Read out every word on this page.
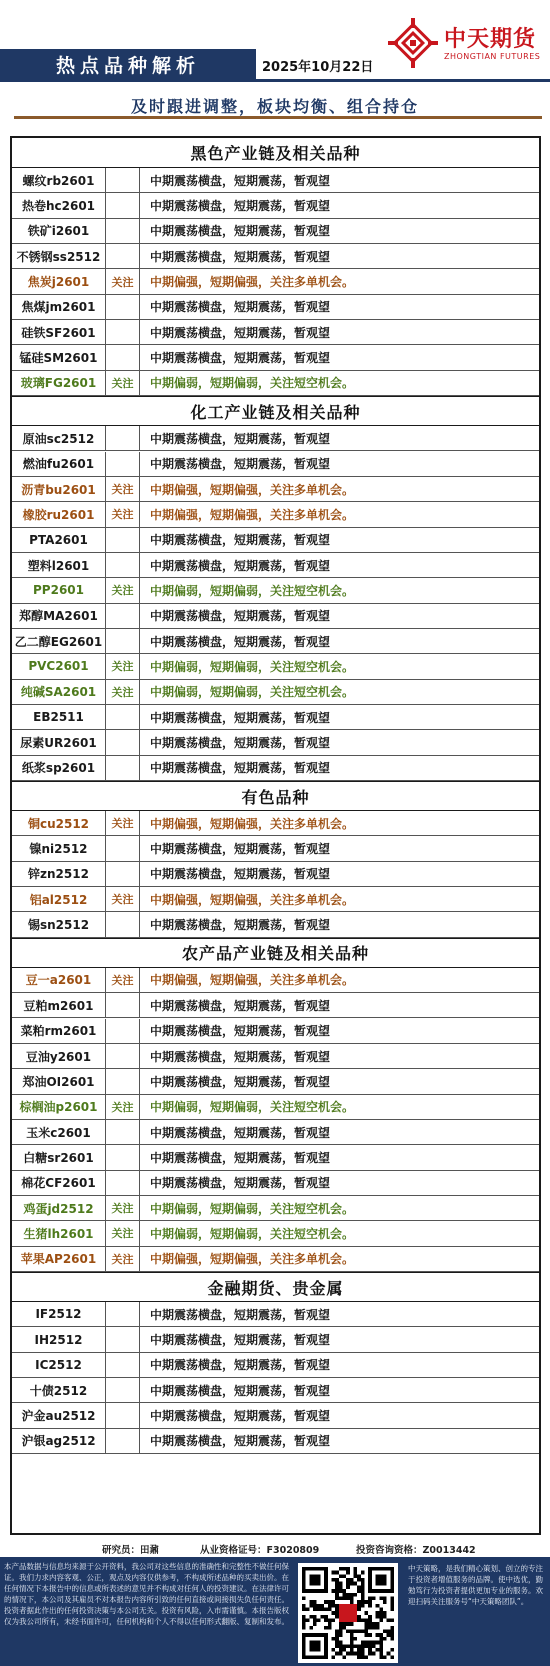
热点品种解析	2025年10月22日
中天期货
ZHONGTIAN FUTURES
及时跟进调整，板块均衡、组合持仓
黑色产业链及相关品种
螺纹rb2601	中期震荡横盘，短期震荡，暂观望
热卷hc2601	中期震荡横盘，短期震荡，暂观望
铁矿i2601	中期震荡横盘，短期震荡，暂观望
不锈钢ss2512	中期震荡横盘，短期震荡，暂观望
焦炭j2601	关注	中期偏强，短期偏强，关注多单机会。
焦煤jm2601	中期震荡横盘，短期震荡，暂观望
硅铁SF2601	中期震荡横盘，短期震荡，暂观望
锰硅SM2601	中期震荡横盘，短期震荡，暂观望
玻璃FG2601	关注	中期偏弱，短期偏弱，关注短空机会。
化工产业链及相关品种
原油sc2512	中期震荡横盘，短期震荡，暂观望
燃油fu2601	中期震荡横盘，短期震荡，暂观望
沥青bu2601	关注	中期偏强，短期偏强，关注多单机会。
橡胶ru2601	关注	中期偏强，短期偏强，关注多单机会。
PTA2601	中期震荡横盘，短期震荡，暂观望
塑料l2601	中期震荡横盘，短期震荡，暂观望
PP2601	关注	中期偏弱，短期偏弱，关注短空机会。
郑醇MA2601	中期震荡横盘，短期震荡，暂观望
乙二醇EG2601	中期震荡横盘，短期震荡，暂观望
PVC2601	关注	中期偏弱，短期偏弱，关注短空机会。
纯碱SA2601	关注	中期偏弱，短期偏弱，关注短空机会。
EB2511	中期震荡横盘，短期震荡，暂观望
尿素UR2601	中期震荡横盘，短期震荡，暂观望
纸浆sp2601	中期震荡横盘，短期震荡，暂观望
有色品种
铜cu2512	关注	中期偏强，短期偏强，关注多单机会。
镍ni2512	中期震荡横盘，短期震荡，暂观望
锌zn2512	中期震荡横盘，短期震荡，暂观望
铝al2512	关注	中期偏强，短期偏强，关注多单机会。
锡sn2512	中期震荡横盘，短期震荡，暂观望
农产品产业链及相关品种
豆一a2601	关注	中期偏强，短期偏强，关注多单机会。
豆粕m2601	中期震荡横盘，短期震荡，暂观望
菜粕rm2601	中期震荡横盘，短期震荡，暂观望
豆油y2601	中期震荡横盘，短期震荡，暂观望
郑油OI2601	中期震荡横盘，短期震荡，暂观望
棕榈油p2601	关注	中期偏弱，短期偏弱，关注短空机会。
玉米c2601	中期震荡横盘，短期震荡，暂观望
白糖sr2601	中期震荡横盘，短期震荡，暂观望
棉花CF2601	中期震荡横盘，短期震荡，暂观望
鸡蛋jd2512	关注	中期偏弱，短期偏弱，关注短空机会。
生猪lh2601	关注	中期偏弱，短期偏弱，关注短空机会。
苹果AP2601	关注	中期偏强，短期偏强，关注多单机会。
金融期货、贵金属
IF2512	中期震荡横盘，短期震荡，暂观望
IH2512	中期震荡横盘，短期震荡，暂观望
IC2512	中期震荡横盘，短期震荡，暂观望
十债2512	中期震荡横盘，短期震荡，暂观望
沪金au2512	中期震荡横盘，短期震荡，暂观望
沪银ag2512	中期震荡横盘，短期震荡，暂观望
研究员：田鼐	从业资格证号：F3020809	投资咨询资格：Z0013442
本产品数据与信息均来源于公开资料，我公司对这些信息的准确性和完整性不做任何保证。我们力求内容客观、公正，观点及内容仅供参考，不构成所述品种的买卖出价。在任何情况下本报告中的信息或所表述的意见并不构成对任何人的投资建议。在法律许可的情况下，本公司及其雇员不对本报告内容所引致的任何直接或间接损失负任何责任。投资者据此作出的任何投资决策与本公司无关。投资有风险，入市需谨慎。本报告版权仅为我公司所有，未经书面许可，任何机构和个人不得以任何形式翻版、复制和发布。
中天策略，是我们精心策划、创立的专注于投资者增值服务的品牌。使中选优，勤勉笃行为投资者提供更加专业的服务。欢迎扫码关注服务号“中天策略团队”。
